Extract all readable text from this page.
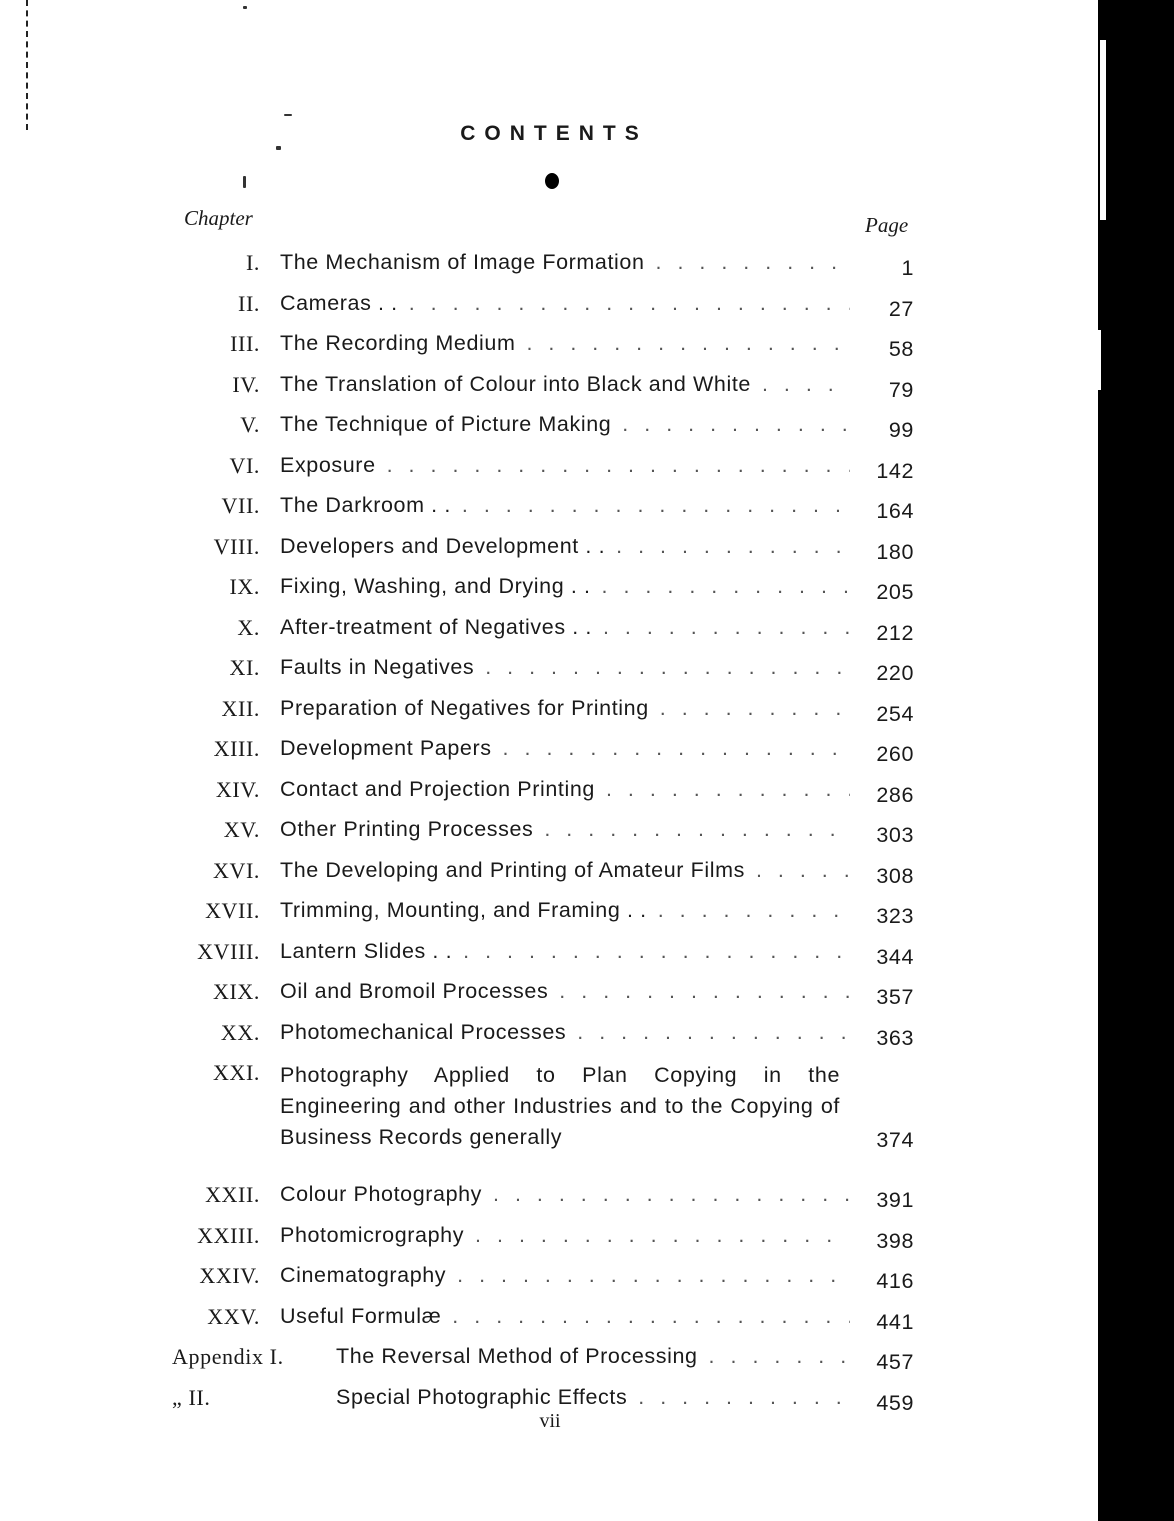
CONTENTS
Chapter	Page
I. The Mechanism of Image Formation . .	1
II. Cameras . . . .	27
III. The Recording Medium . .	58
IV. The Translation of Colour into Black and White . .	79
V. The Technique of Picture Making . .	99
VI. Exposure . .	142
VII. The Darkroom . . . .	164
VIII. Developers and Development . . . .	180
IX. Fixing, Washing, and Drying . . . .	205
X. After-treatment of Negatives . . . .	212
XI. Faults in Negatives . .	220
XII. Preparation of Negatives for Printing . .	254
XIII. Development Papers . .	260
XIV. Contact and Projection Printing . .	286
XV. Other Printing Processes . .	303
XVI. The Developing and Printing of Amateur Films . .	308
XVII. Trimming, Mounting, and Framing . . . .	323
XVIII. Lantern Slides . . . .	344
XIX. Oil and Bromoil Processes . .	357
XX. Photomechanical Processes . .	363
XXI. Photography Applied to Plan Copying in the Engineering and other Industries and to the Copying of Business Records generally	374
XXII. Colour Photography . .	391
XXIII. Photomicrography . .	398
XXIV. Cinematography . .	416
XXV. Useful Formulæ . .	441
Appendix I. The Reversal Method of Processing . .	457
„ II.	Special Photographic Effects . .	459
vii
